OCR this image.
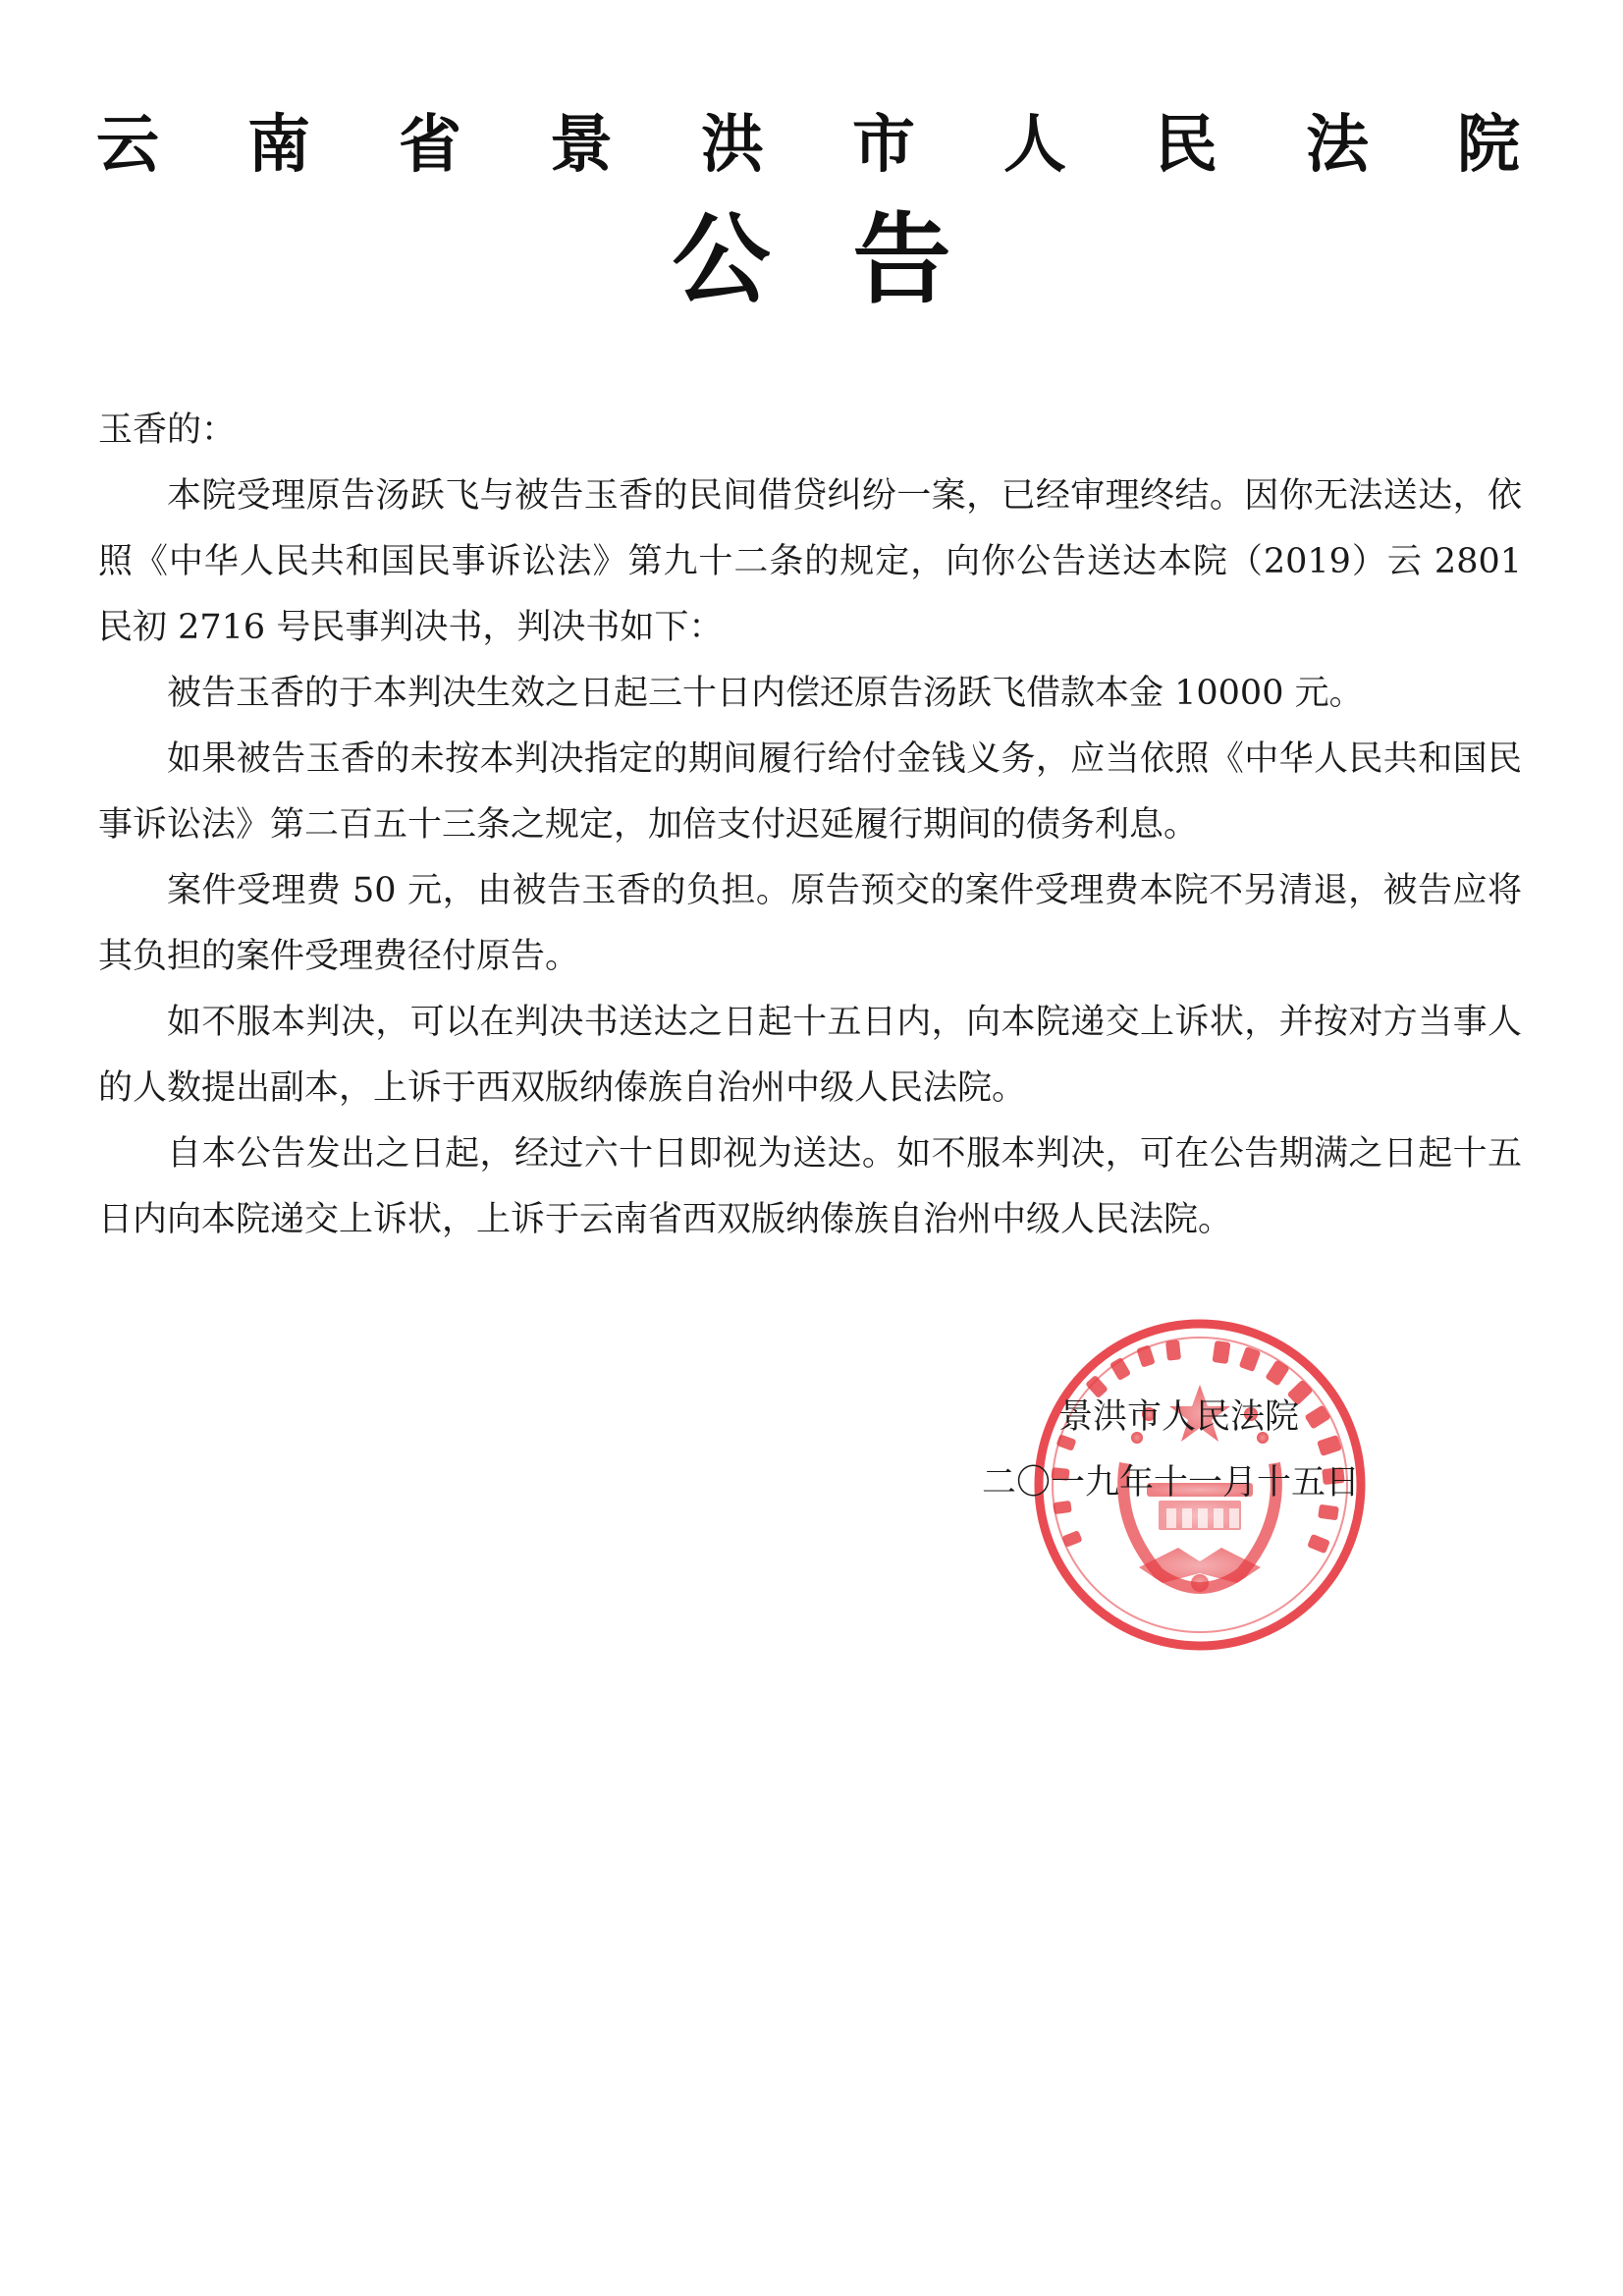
云 南 省 景 洪 市 人 民 法 院
公 告

玉香的：

本院受理原告汤跃飞与被告玉香的民间借贷纠纷一案，已经审理终结。因你无法送达，依照《中华人民共和国民事诉讼法》第九十二条的规定，向你公告送达本院（2019）云 2801 民初 2716 号民事判决书，判决书如下：

被告玉香的于本判决生效之日起三十日内偿还原告汤跃飞借款本金 10000 元。

如果被告玉香的未按本判决指定的期间履行给付金钱义务，应当依照《中华人民共和国民事诉讼法》第二百五十三条之规定，加倍支付迟延履行期间的债务利息。

案件受理费 50 元，由被告玉香的负担。原告预交的案件受理费本院不另清退，被告应将其负担的案件受理费径付原告。

如不服本判决，可以在判决书送达之日起十五日内，向本院递交上诉状，并按对方当事人的人数提出副本，上诉于西双版纳傣族自治州中级人民法院。

自本公告发出之日起，经过六十日即视为送达。如不服本判决，可在公告期满之日起十五日内向本院递交上诉状，上诉于云南省西双版纳傣族自治州中级人民法院。

景洪市人民法院
二〇一九年十一月十五日
